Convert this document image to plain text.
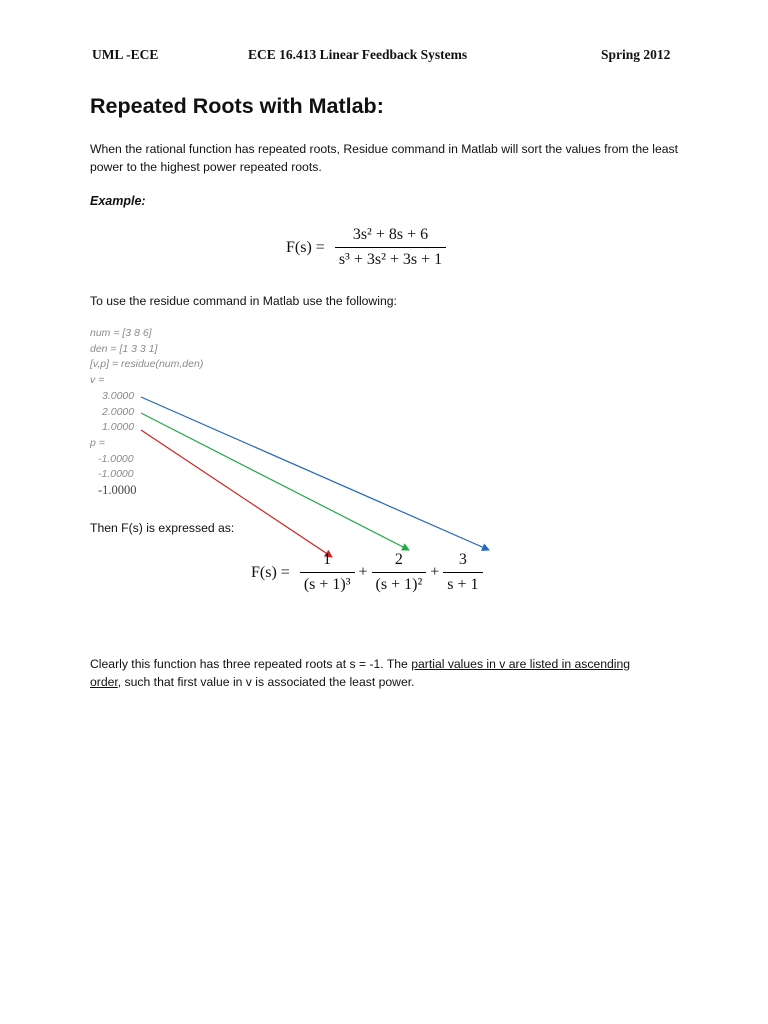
UML -ECE	ECE 16.413 Linear Feedback Systems	Spring 2012
Repeated Roots with Matlab:
When the rational function has repeated roots, Residue command in Matlab will sort the values from the least power to the highest power repeated roots.
Example:
$F(s) = \frac{\text{3s² + 8s + 6}}{\text{s³ + 3s² + 3s + 1}}$
To use the residue command in Matlab use the following:
num = [3 8 6]
den = [1 3 3 1]
[v,p] = residue(num,den)
v =
3.0000
2.0000
1.0000
p =
-1.0000
-1.0000
-1.0000
Then F(s) is expressed as:
$F(s) = \frac{1}{\text{(s + 1)³}} + \frac{2}{\text{(s + 1)²}} + \frac{3}{s + 1}$
Clearly this function has three repeated roots at s = -1. The partial values in v are listed in ascending order, such that first value in v is associated the least power.
